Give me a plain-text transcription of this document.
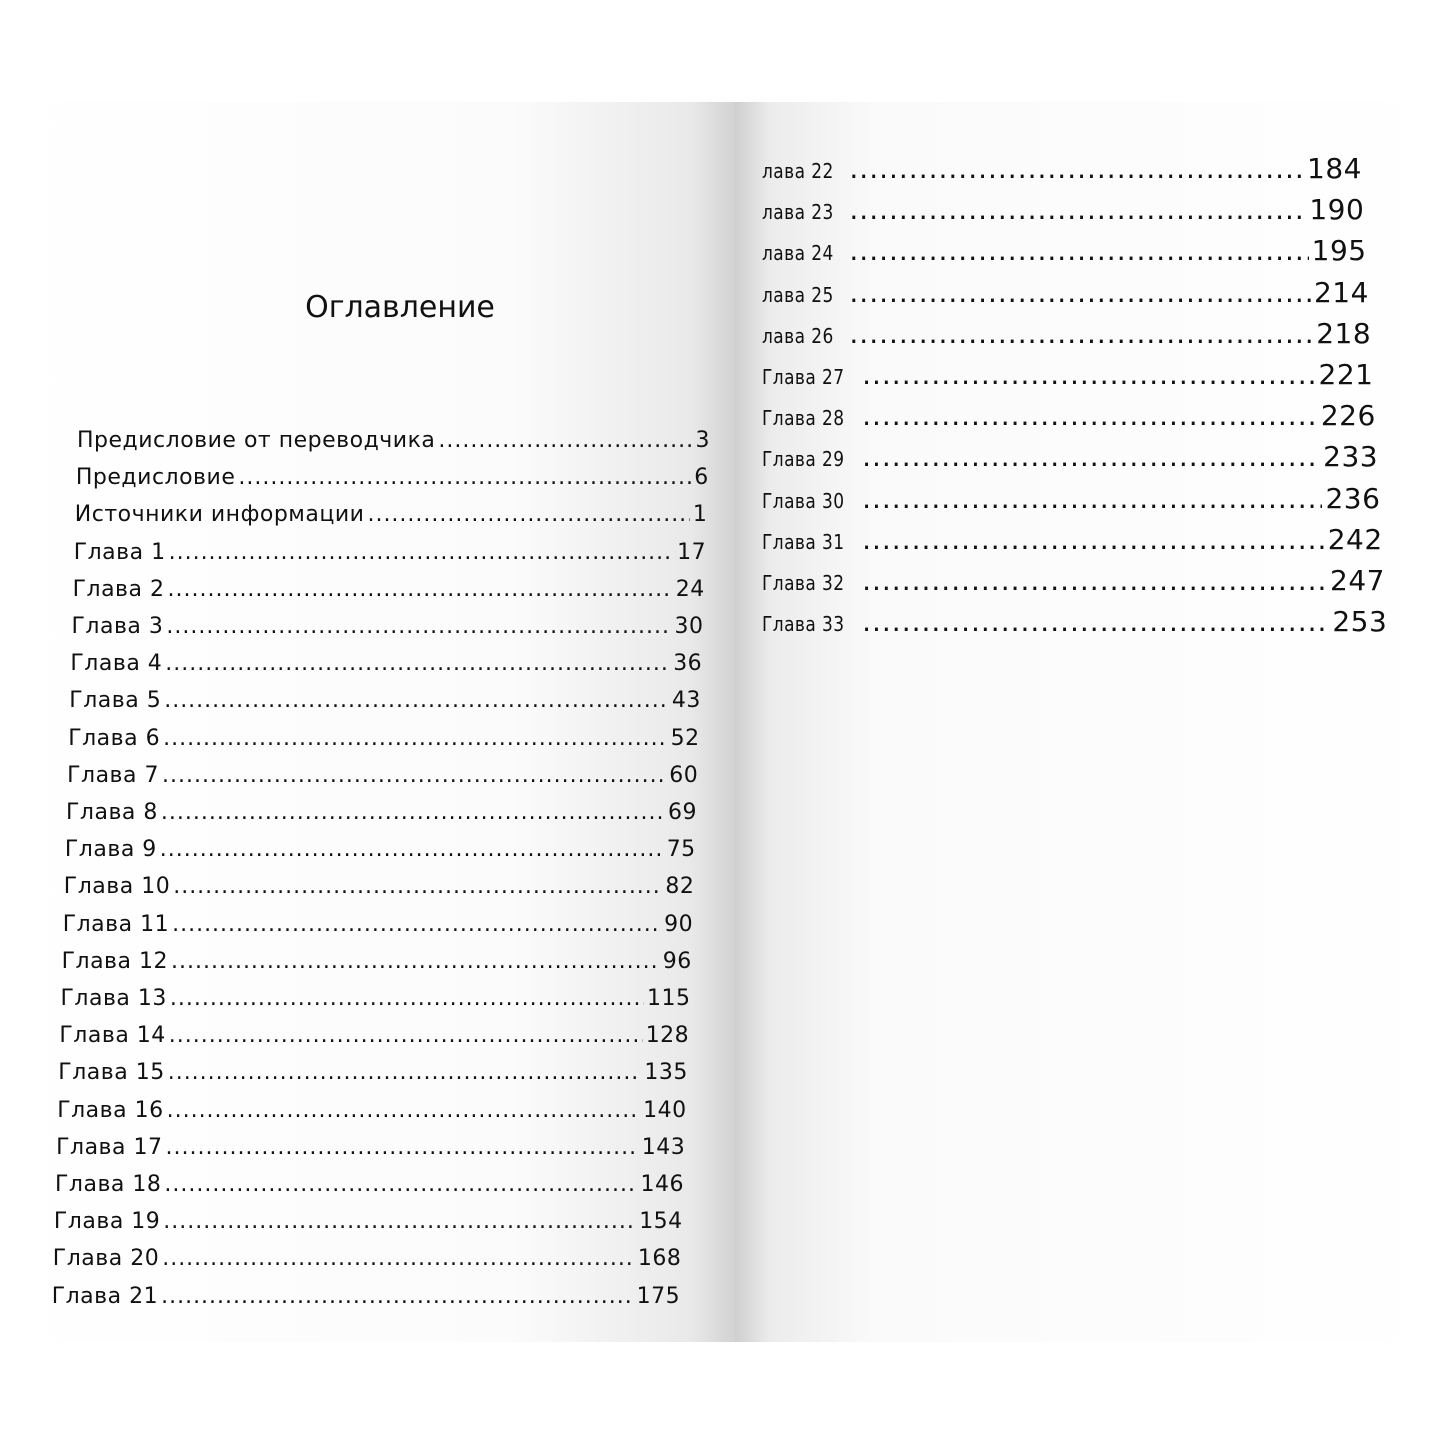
Оглавление
Предисловие от переводчика .....	3
Предисловие .....	6
Источники информации .....	1
Глава 1 .....	17
Глава 2 .....	24
Глава 3 .....	30
Глава 4 .....	36
Глава 5 .....	43
Глава 6 .....	52
Глава 7 .....	60
Глава 8 .....	69
Глава 9 .....	75
Глава 10 .....	82
Глава 11 .....	90
Глава 12 .....	96
Глава 13 .....	115
Глава 14 .....	128
Глава 15 .....	135
Глава 16 .....	140
Глава 17 .....	143
Глава 18 .....	146
Глава 19 .....	154
Глава 20 .....	168
Глава 21 .....	175
лава 22 .....	184
лава 23 .....	190
лава 24 .....	195
лава 25 .....	214
лава 26 .....	218
Глава 27 .....	221
Глава 28 .....	226
Глава 29 .....	233
Глава 30 .....	236
Глава 31 .....	242
Глава 32 .....	247
Глава 33 .....	253
